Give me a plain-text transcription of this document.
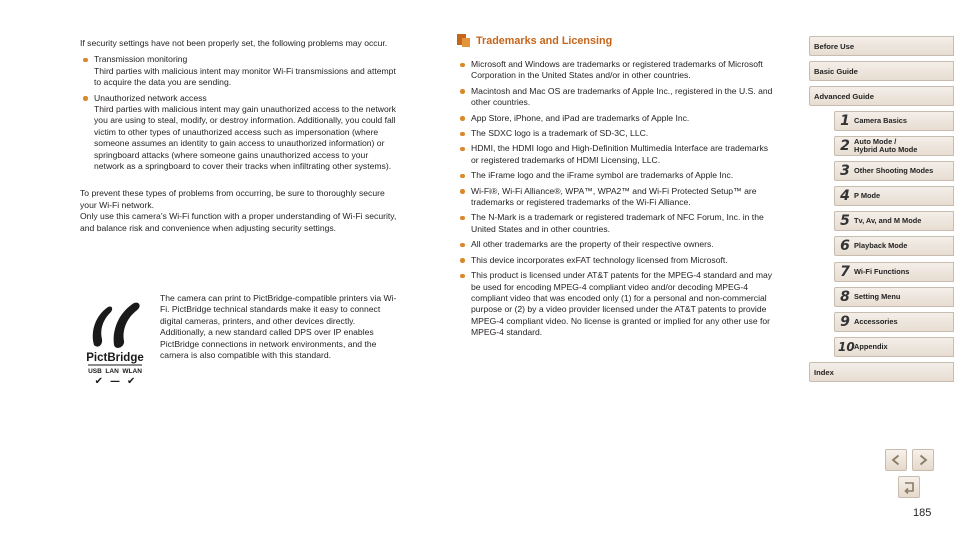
If security settings have not been properly set, the following problems may occur.

Transmission monitoring
Third parties with malicious intent may monitor Wi-Fi transmissions and attempt to acquire the data you are sending.
Unauthorized network access
Third parties with malicious intent may gain unauthorized access to the network you are using to steal, modify, or destroy information. Additionally, you could fall victim to other types of unauthorized access such as impersonation (where someone assumes an identity to gain access to unauthorized information) or springboard attacks (where someone gains unauthorized access to your network as a springboard to cover their tracks when infiltrating other systems).

To prevent these types of problems from occurring, be sure to thoroughly secure your Wi-Fi network.

Only use this camera’s Wi-Fi function with a proper understanding of Wi-Fi security, and balance risk and convenience when adjusting security settings.

PictBridge
USB  LAN  WLAN
✔  —  ✔
The camera can print to PictBridge-compatible printers via Wi-Fi. PictBridge technical standards make it easy to connect digital cameras, printers, and other devices directly. Additionally, a new standard called DPS over IP enables PictBridge connections in network environments, and the camera is also compatible with this standard.
Trademarks and Licensing
Microsoft and Windows are trademarks or registered trademarks of Microsoft Corporation in the United States and/or in other countries.
Macintosh and Mac OS are trademarks of Apple Inc., registered in the U.S. and other countries.
App Store, iPhone, and iPad are trademarks of Apple Inc.
The SDXC logo is a trademark of SD-3C, LLC.
HDMI, the HDMI logo and High-Definition Multimedia Interface are trademarks or registered trademarks of HDMI Licensing, LLC.
The iFrame logo and the iFrame symbol are trademarks of Apple Inc.
Wi-Fi®, Wi-Fi Alliance®, WPA™, WPA2™ and Wi-Fi Protected Setup™ are trademarks or registered trademarks of the Wi-Fi Alliance.
The N-Mark is a trademark or registered trademark of NFC Forum, Inc. in the United States and in other countries.
All other trademarks are the property of their respective owners.
This device incorporates exFAT technology licensed from Microsoft.
This product is licensed under AT&T patents for the MPEG-4 standard and may be used for encoding MPEG-4 compliant video and/or decoding MPEG-4 compliant video that was encoded only (1) for a personal and non-commercial purpose or (2) by a video provider licensed under the AT&T patents to provide MPEG-4 compliant video. No license is granted or implied for any other use for MPEG-4 standard.
Before Use
Basic Guide
Advanced Guide
1 Camera Basics
2 Auto Mode /
Hybrid Auto Mode
3 Other Shooting Modes
4 P Mode
5 Tv, Av, and M Mode
6 Playback Mode
7 Wi-Fi Functions
8 Setting Menu
9 Accessories
10 Appendix
Index
185
